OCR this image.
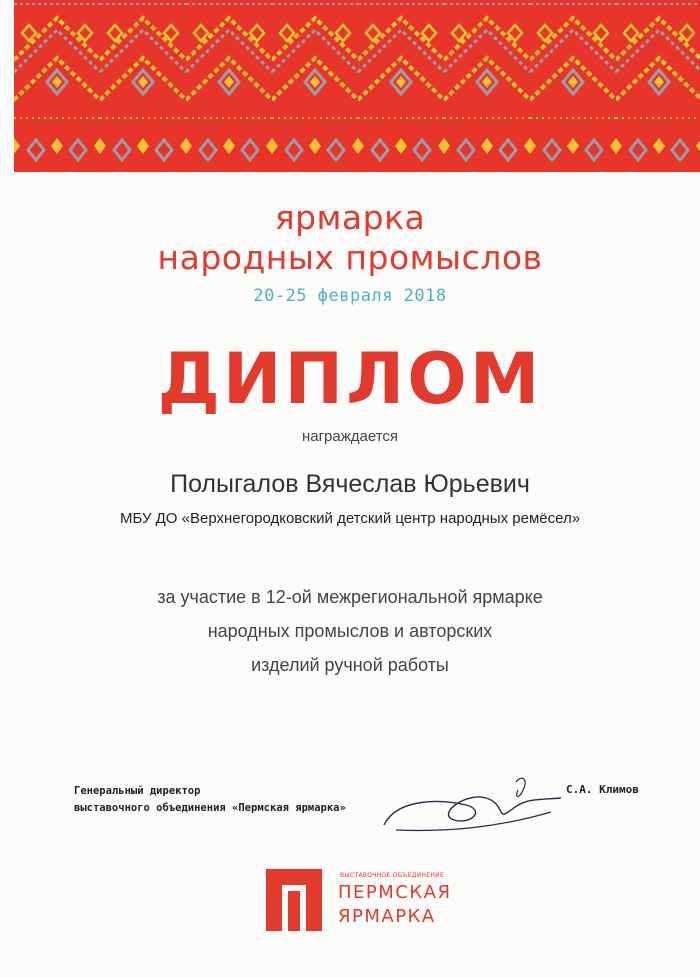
ярмарка
народных промыслов
20-25 февраля 2018
ДИПЛОМ
награждается
Полыгалов Вячеслав Юрьевич
МБУ ДО «Верхнегородковский детский центр народных ремёсел»
за участие в 12-ой межрегиональной ярмарке
народных промыслов и авторских
изделий ручной работы
Генеральный директор
выставочного объединения «Пермская ярмарка»
С.А. Климов
ВЫСТАВОЧНОЕ ОБЪЕДИНЕНИЕ
ПЕРМСКАЯ
ЯРМАРКА
